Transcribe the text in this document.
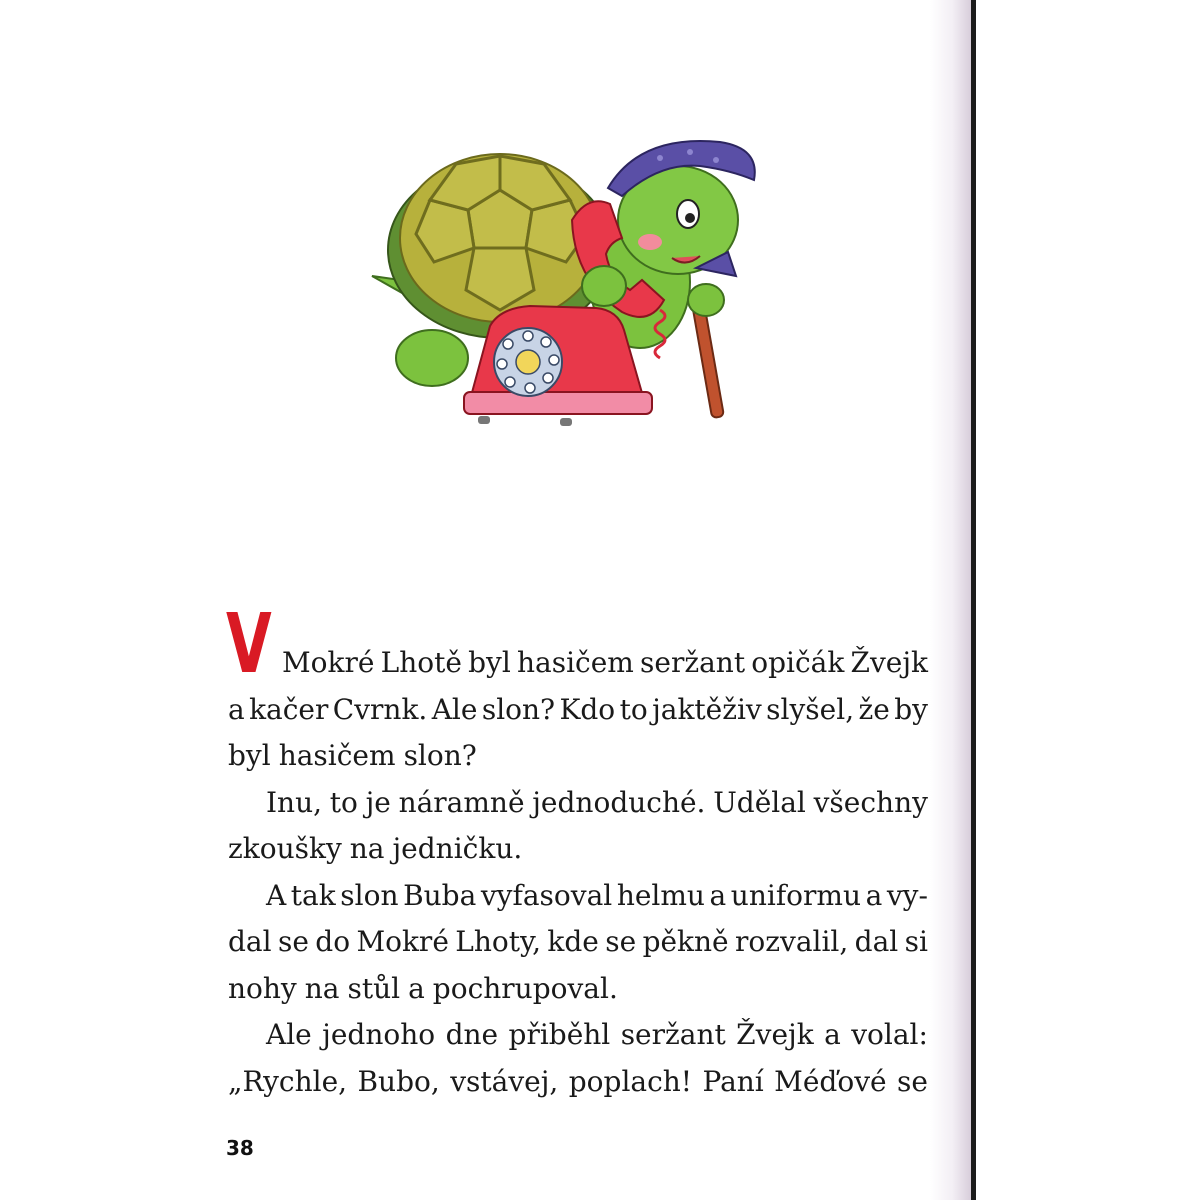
V Mokré Lhotě byl hasičem seržant opičák Žvejk
a kačer Cvrnk. Ale slon? Kdo to jaktěživ slyšel, že by
byl hasičem slon?
Inu, to je náramně jednoduché. Udělal všechny
zkoušky na jedničku.
A tak slon Buba vyfasoval helmu a uniformu a vy-
dal se do Mokré Lhoty, kde se pěkně rozvalil, dal si
nohy na stůl a pochrupoval.
Ale jednoho dne přiběhl seržant Žvejk a volal:
„Rychle, Bubo, vstávej, poplach! Paní Méďové se
38
